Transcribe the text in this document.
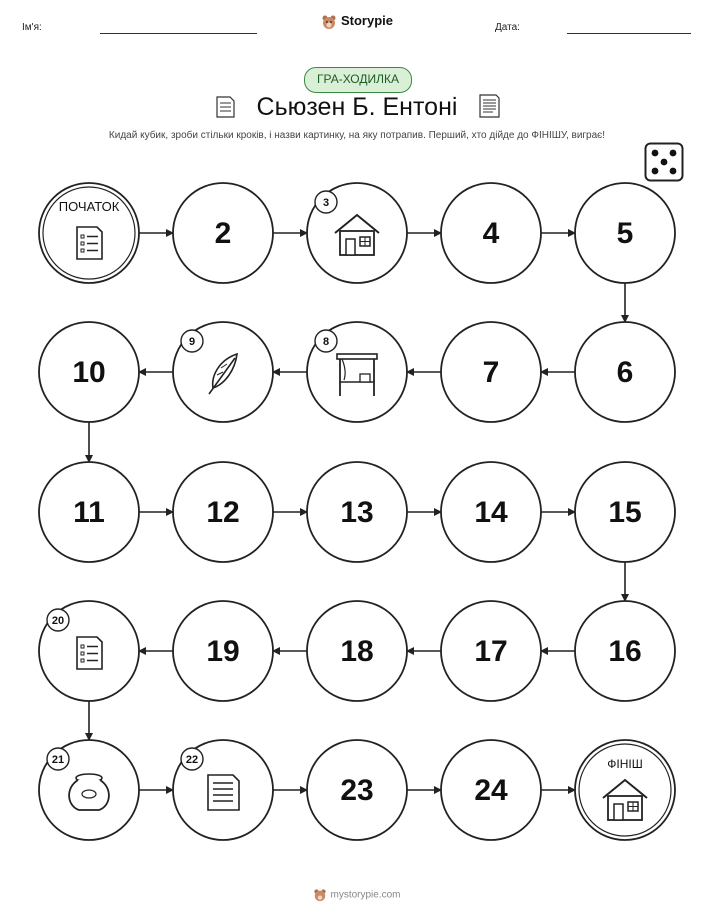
Ім'я:	Дата:
Storypie
ГРА-ХОДИЛКА
Сьюзен Б. Ентоні
Кидай кубик, зроби стільки кроків, і назви картинку, на яку потрапив. Перший, хто дійде до ФІНІШУ, виграє!
ПОЧАТОК
2
3
4	5
6
7
8
9
10
11	12	13	14	15
16
17
18
19
20
21	22
23	24
ФІНІШ
mystorypie.com
